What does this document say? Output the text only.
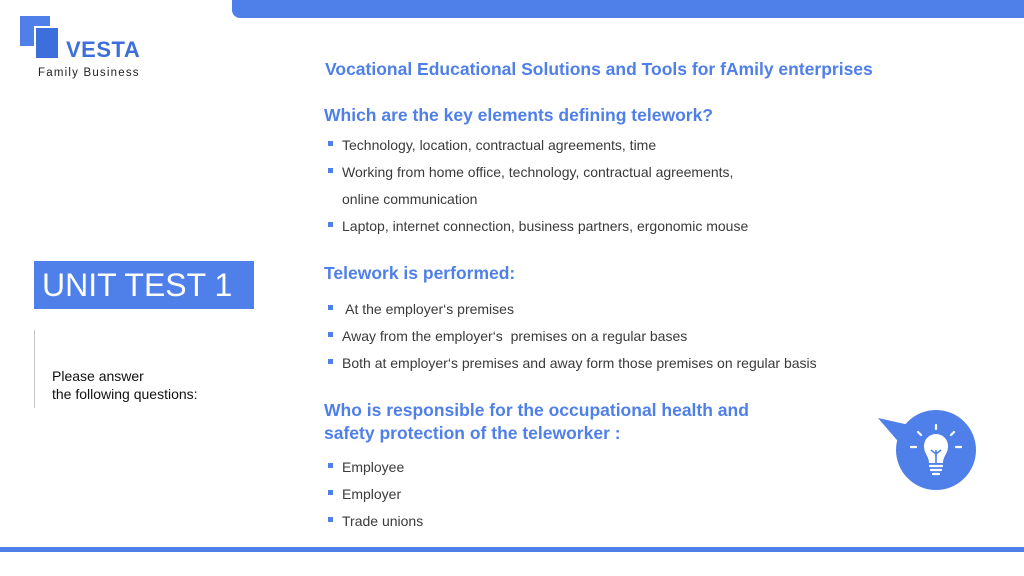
VESTA
Family Business	Vocational Educational Solutions and Tools for fAmily enterprises
UNIT TEST 1
Please answer
the following questions:
Which are the key elements defining telework?
Technology, location, contractual agreements, time
Working from home office, technology, contractual agreements,
online communication
Laptop, internet connection, business partners, ergonomic mouse
Telework is performed:
At the employer‘s premises
Away from the employer‘s  premises on a regular bases
Both at employer‘s premises and away form those premises on regular basis
Who is responsible for the occupational health and
safety protection of the teleworker :
Employee
Employer
Trade unions
